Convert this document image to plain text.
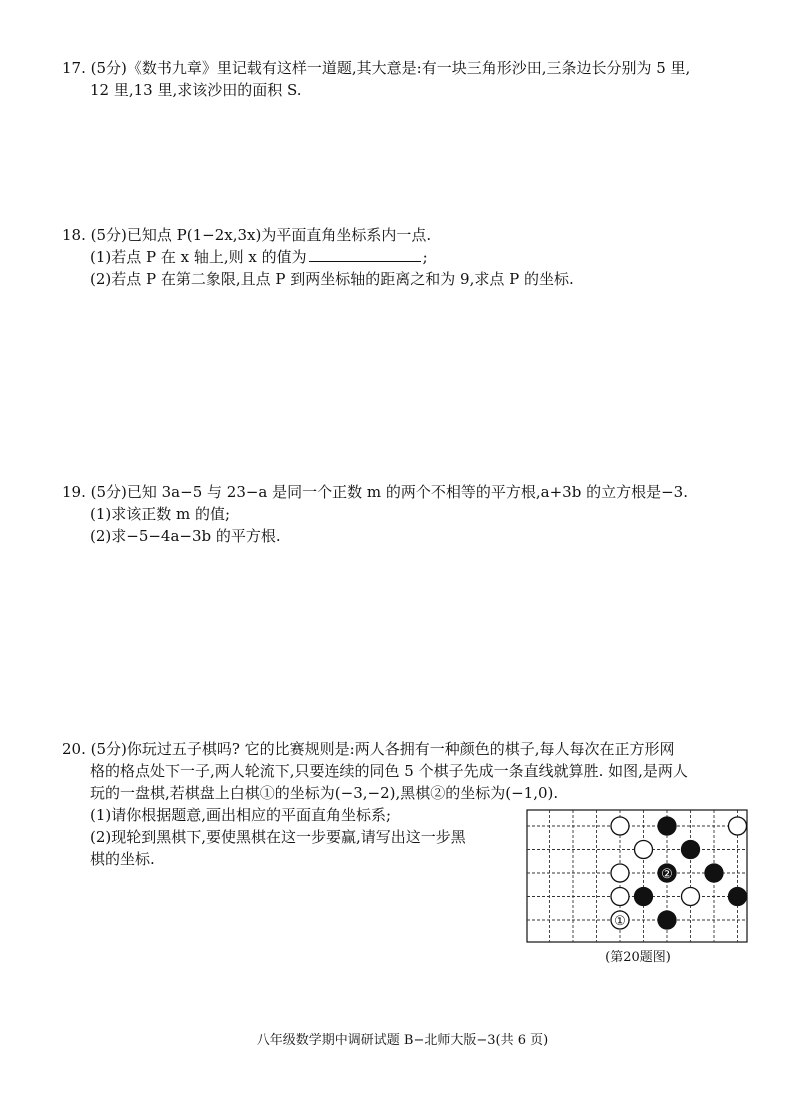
17. (5分)《数书九章》里记载有这样一道题,其大意是:有一块三角形沙田,三条边长分别为 5 里,
12 里,13 里,求该沙田的面积 S.
18. (5分)已知点 P(1−2x,3x)为平面直角坐标系内一点.
(1)若点 P 在 x 轴上,则 x 的值为	;
(2)若点 P 在第二象限,且点 P 到两坐标轴的距离之和为 9,求点 P 的坐标.
19. (5分)已知 3a−5 与 23−a 是同一个正数 m 的两个不相等的平方根,a+3b 的立方根是−3.
(1)求该正数 m 的值;
(2)求−5−4a−3b 的平方根.
20. (5分)你玩过五子棋吗? 它的比赛规则是:两人各拥有一种颜色的棋子,每人每次在正方形网
格的格点处下一子,两人轮流下,只要连续的同色 5 个棋子先成一条直线就算胜. 如图,是两人
玩的一盘棋,若棋盘上白棋①的坐标为(−3,−2),黑棋②的坐标为(−1,0).
(1)请你根据题意,画出相应的平面直角坐标系;
(2)现轮到黑棋下,要使黑棋在这一步要赢,请写出这一步黑
棋的坐标.
①
②
(第20题图)
八年级数学期中调研试题 B−北师大版−3(共 6 页)
